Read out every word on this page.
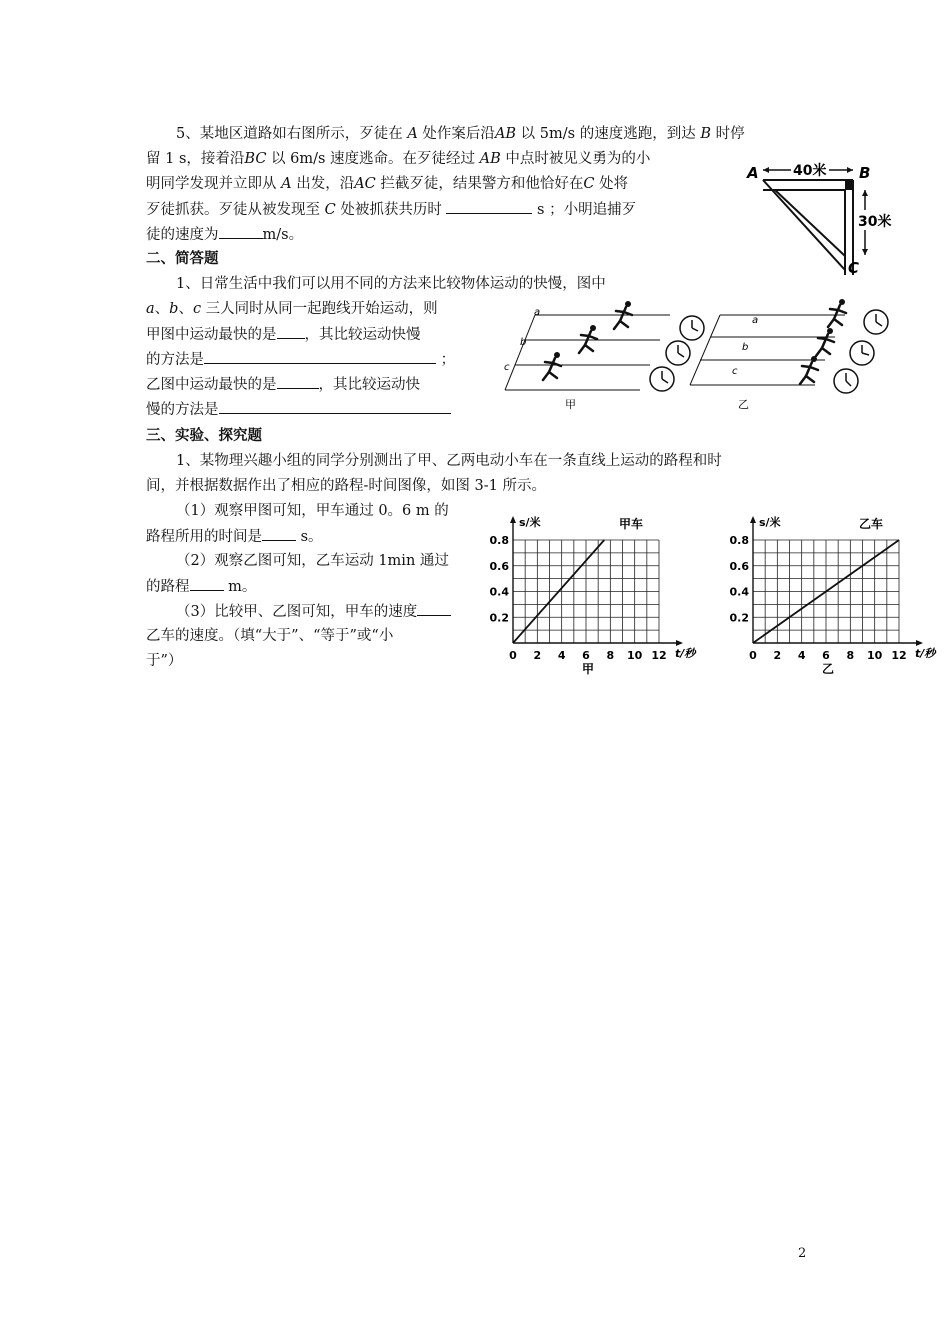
5、某地区道路如右图所示，歹徒在 A 处作案后沿AB 以 5m/s 的速度逃跑，到达 B 时停
留 1 s，接着沿BC 以 6m/s 速度逃命。在歹徒经过 AB 中点时被见义勇为的小
明同学发现并立即从 A 出发，沿AC 拦截歹徒，结果警方和他恰好在C 处将
歹徒抓获。歹徒从被发现至 C 处被抓获共历时	s ；小明追捕歹
徒的速度为	m/s。
A	B
C
40米
30米
二、简答题
1、日常生活中我们可以用不同的方法来比较物体运动的快慢，图中
a、b、c 三人同时从同一起跑线开始运动，则
甲图中运动最快的是 ，其比较运动快慢
的方法是	；
乙图中运动最快的是	，其比较运动快
慢的方法是
a
b
c
甲
a
b
c
乙
三、实验、探究题
1、某物理兴趣小组的同学分别测出了甲、乙两电动小车在一条直线上运动的路程和时
间，并根据数据作出了相应的路程-时间图像，如图 3-1 所示。
（1）观察甲图可知，甲车通过 0。6 m 的
路程所用的时间是 s。
（2）观察乙图可知，乙车运动 1min 通过
的路程 m。
（3）比较甲、乙图可知，甲车的速度
乙车的速度。（填“大于”、“等于”或“小
于”）	0 2 4 6 8 10 12
0.2
0.4
0.6
0.8
s/米
t/秒
甲车
甲
0 2 4 6 8 10 12
0.2
0.4
0.6
0.8
s/米
t/秒
乙车
乙
2
